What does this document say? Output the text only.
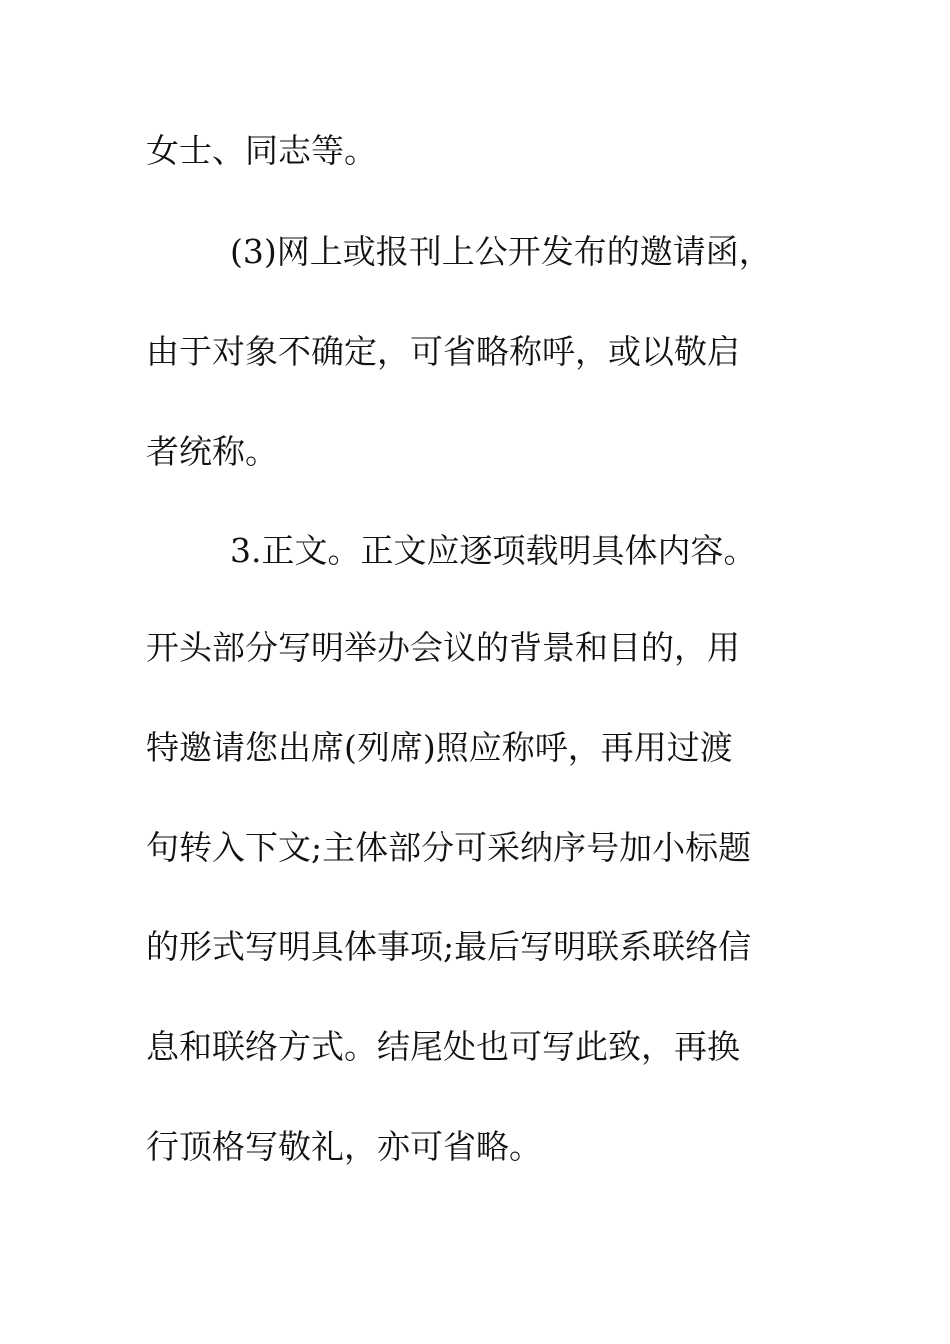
女士、同志等。
(3)网上或报刊上公开发布的邀请函，
由于对象不确定，可省略称呼，或以敬启
者统称。
3.正文。正文应逐项载明具体内容。
开头部分写明举办会议的背景和目的，用
特邀请您出席(列席)照应称呼，再用过渡
句转入下文;主体部分可采纳序号加小标题
的形式写明具体事项;最后写明联系联络信
息和联络方式。结尾处也可写此致，再换
行顶格写敬礼，亦可省略。
